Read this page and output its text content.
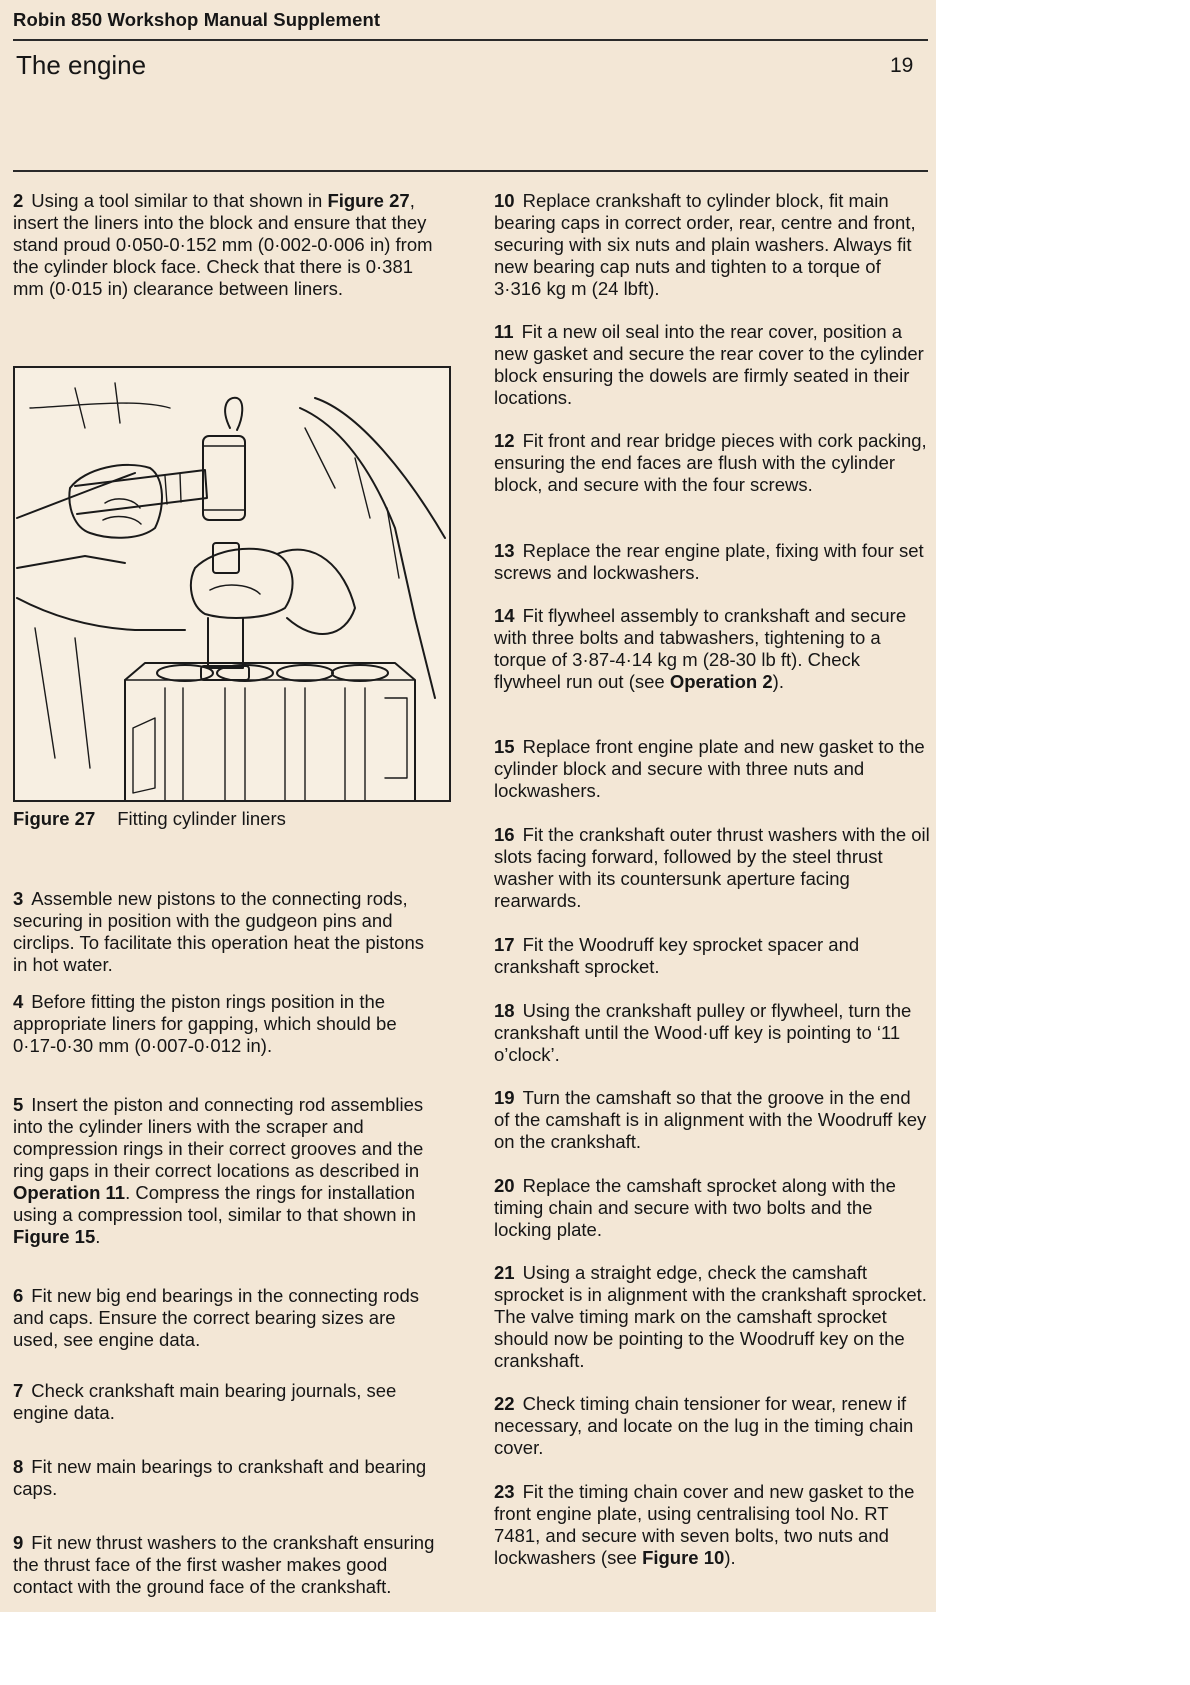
Robin 850 Workshop Manual Supplement
The engine	19

2 Using a tool similar to that shown in Figure 27, insert the liners into the block and ensure that they stand proud 0·050-0·152 mm (0·002-0·006 in) from the cylinder block face. Check that there is 0·381 mm (0·015 in) clearance between liners.

3 Assemble new pistons to the connecting rods, securing in position with the gudgeon pins and circlips. To facilitate this operation heat the pistons in hot water.

4 Before fitting the piston rings position in the appropriate liners for gapping, which should be 0·17-0·30 mm (0·007-0·012 in).

5 Insert the piston and connecting rod assemblies into the cylinder liners with the scraper and compression rings in their correct grooves and the ring gaps in their correct locations as described in Operation 11. Compress the rings for installation using a compression tool, similar to that shown in Figure 15.

6 Fit new big end bearings in the connecting rods and caps. Ensure the correct bearing sizes are used, see engine data.

7 Check crankshaft main bearing journals, see engine data.

8 Fit new main bearings to crankshaft and bearing caps.

9 Fit new thrust washers to the crankshaft ensuring the thrust face of the first washer makes good contact with the ground face of the crankshaft.

Figure 27 Fitting cylinder liners

10 Replace crankshaft to cylinder block, fit main bearing caps in correct order, rear, centre and front, securing with six nuts and plain washers. Always fit new bearing cap nuts and tighten to a torque of 3·316 kg m (24 lbft).

11 Fit a new oil seal into the rear cover, position a new gasket and secure the rear cover to the cylinder block ensuring the dowels are firmly seated in their locations.

12 Fit front and rear bridge pieces with cork packing, ensuring the end faces are flush with the cylinder block, and secure with the four screws.

13 Replace the rear engine plate, fixing with four set screws and lockwashers.

14 Fit flywheel assembly to crankshaft and secure with three bolts and tabwashers, tightening to a torque of 3·87-4·14 kg m (28-30 lb ft). Check flywheel run out (see Operation 2).

15 Replace front engine plate and new gasket to the cylinder block and secure with three nuts and lockwashers.

16 Fit the crankshaft outer thrust washers with the oil slots facing forward, followed by the steel thrust washer with its countersunk aperture facing rearwards.

17 Fit the Woodruff key sprocket spacer and crankshaft sprocket.

18 Using the crankshaft pulley or flywheel, turn the crankshaft until the Wood·uff key is pointing to ‘11 o’clock’.

19 Turn the camshaft so that the groove in the end of the camshaft is in alignment with the Woodruff key on the crankshaft.

20 Replace the camshaft sprocket along with the timing chain and secure with two bolts and the locking plate.

21 Using a straight edge, check the camshaft sprocket is in alignment with the crankshaft sprocket. The valve timing mark on the camshaft sprocket should now be pointing to the Woodruff key on the crankshaft.

22 Check timing chain tensioner for wear, renew if necessary, and locate on the lug in the timing chain cover.

23 Fit the timing chain cover and new gasket to the front engine plate, using centralising tool No. RT 7481, and secure with seven bolts, two nuts and lockwashers (see Figure 10).
